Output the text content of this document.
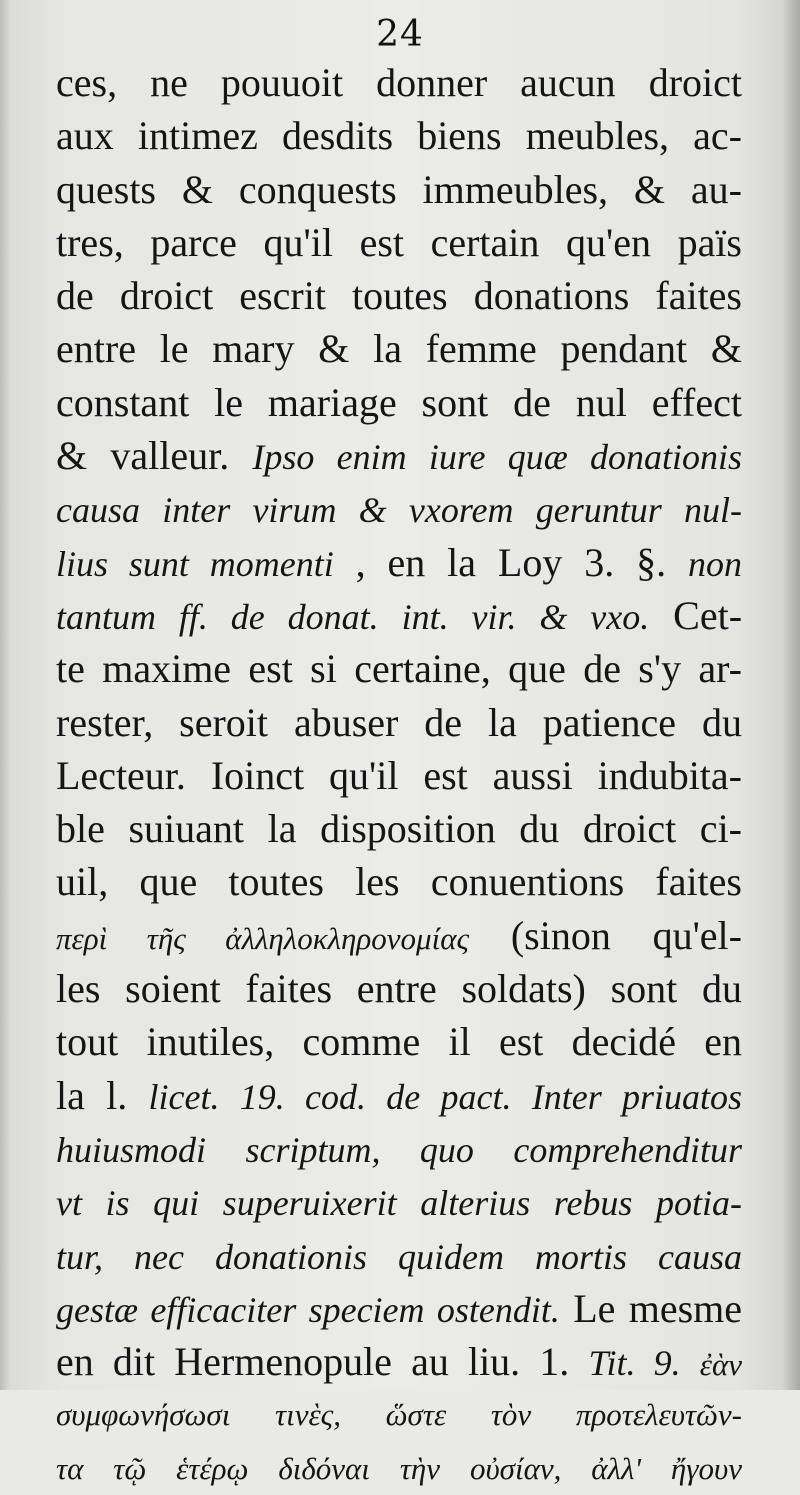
24
ces, ne pouuoit donner aucun droict
aux intimez desdits biens meubles, ac-
quests & conquests immeubles, & au-
tres, parce qu'il est certain qu'en païs
de droict escrit toutes donations faites
entre le mary & la femme pendant &
constant le mariage sont de nul effect
& valleur. Ipso enim iure quæ donationis
causa inter virum & vxorem geruntur nul-
lius sunt momenti , en la Loy 3. §. non
tantum ff. de donat. int. vir. & vxo. Cet-
te maxime est si certaine, que de s'y ar-
rester, seroit abuser de la patience du
Lecteur. Ioinct qu'il est aussi indubita-
ble suiuant la disposition du droict ci-
uil, que toutes les conuentions faites
περὶ τῆς ἀλληλοκληρονομίας (sinon qu'el-
les soient faites entre soldats) sont du
tout inutiles, comme il est decidé en
la l. licet. 19. cod. de pact. Inter priuatos
huiusmodi scriptum, quo comprehenditur
vt is qui superuixerit alterius rebus potia-
tur, nec donationis quidem mortis causa
gestæ efficaciter speciem ostendit. Le mesme
en dit Hermenopule au liu. 1. Tit. 9. ἐὰν
συμφωνήσωσι τινὲς, ὥστε τὸν προτελευτῶν-
τα τῷ ἑτέρῳ διδόναι τὴν οὐσίαν, ἀλλ' ἤγουν
